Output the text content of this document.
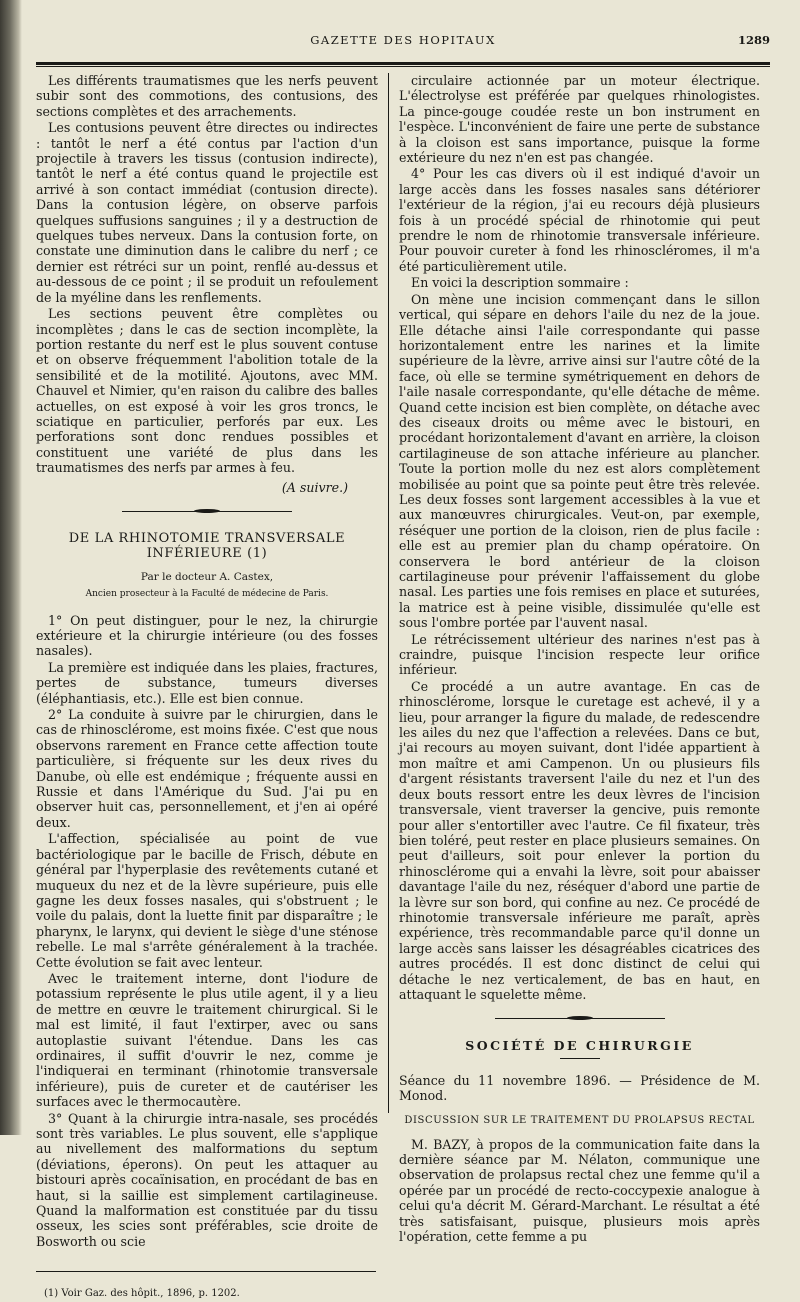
GAZETTE DES HOPITAUX	1289

Les différents traumatismes que les nerfs peuvent subir sont des commotions, des contusions, des sections complètes et des arrachements.

Les contusions peuvent être directes ou indirectes : tantôt le nerf a été contus par l'action d'un projectile à travers les tissus (contusion indirecte), tantôt le nerf a été contus quand le projectile est arrivé à son contact immédiat (contusion directe). Dans la contusion légère, on observe parfois quelques suffusions sanguines ; il y a destruction de quelques tubes nerveux. Dans la contusion forte, on constate une diminution dans le calibre du nerf ; ce dernier est rétréci sur un point, renflé au-dessus et au-dessous de ce point ; il se produit un refoulement de la myéline dans les renflements.

Les sections peuvent être complètes ou incomplètes ; dans le cas de section incomplète, la portion restante du nerf est le plus souvent contuse et on observe fréquemment l'abolition totale de la sensibilité et de la motilité. Ajoutons, avec MM. Chauvel et Nimier, qu'en raison du calibre des balles actuelles, on est exposé à voir les gros troncs, le sciatique en particulier, perforés par eux. Les perforations sont donc rendues possibles et constituent une variété de plus dans les traumatismes des nerfs par armes à feu.

(A suivre.)
DE LA RHINOTOMIE TRANSVERSALE INFÉRIEURE (1)
Par le docteur A. Castex,
Ancien prosecteur à la Faculté de médecine de Paris.

1° On peut distinguer, pour le nez, la chirurgie extérieure et la chirurgie intérieure (ou des fosses nasales).

La première est indiquée dans les plaies, fractures, pertes de substance, tumeurs diverses (éléphantiasis, etc.). Elle est bien connue.

2° La conduite à suivre par le chirurgien, dans le cas de rhinosclérome, est moins fixée. C'est que nous observons rarement en France cette affection toute particulière, si fréquente sur les deux rives du Danube, où elle est endémique ; fréquente aussi en Russie et dans l'Amérique du Sud. J'ai pu en observer huit cas, personnellement, et j'en ai opéré deux.

L'affection, spécialisée au point de vue bactériologique par le bacille de Frisch, débute en général par l'hyperplasie des revêtements cutané et muqueux du nez et de la lèvre supérieure, puis elle gagne les deux fosses nasales, qui s'obstruent ; le voile du palais, dont la luette finit par disparaître ; le pharynx, le larynx, qui devient le siège d'une sténose rebelle. Le mal s'arrête généralement à la trachée. Cette évolution se fait avec lenteur.

Avec le traitement interne, dont l'iodure de potassium représente le plus utile agent, il y a lieu de mettre en œuvre le traitement chirurgical. Si le mal est limité, il faut l'extirper, avec ou sans autoplastie suivant l'étendue. Dans les cas ordinaires, il suffit d'ouvrir le nez, comme je l'indiquerai en terminant (rhinotomie transversale inférieure), puis de cureter et de cautériser les surfaces avec le thermocautère.

3° Quant à la chirurgie intra-nasale, ses procédés sont très variables. Le plus souvent, elle s'applique au nivellement des malformations du septum (déviations, éperons). On peut les attaquer au bistouri après cocaïnisation, en procédant de bas en haut, si la saillie est simplement cartilagineuse. Quand la malformation est constituée par du tissu osseux, les scies sont préférables, scie droite de Bosworth ou scie

(1) Voir Gaz. des hôpit., 1896, p. 1202.

circulaire actionnée par un moteur électrique. L'électrolyse est préférée par quelques rhinologistes. La pince-gouge coudée reste un bon instrument en l'espèce. L'inconvénient de faire une perte de substance à la cloison est sans importance, puisque la forme extérieure du nez n'en est pas changée.

4° Pour les cas divers où il est indiqué d'avoir un large accès dans les fosses nasales sans détériorer l'extérieur de la région, j'ai eu recours déjà plusieurs fois à un procédé spécial de rhinotomie qui peut prendre le nom de rhinotomie transversale inférieure. Pour pouvoir cureter à fond les rhinoscléromes, il m'a été particulièrement utile.

En voici la description sommaire :

On mène une incision commençant dans le sillon vertical, qui sépare en dehors l'aile du nez de la joue. Elle détache ainsi l'aile correspondante qui passe horizontalement entre les narines et la limite supérieure de la lèvre, arrive ainsi sur l'autre côté de la face, où elle se termine symétriquement en dehors de l'aile nasale correspondante, qu'elle détache de même. Quand cette incision est bien complète, on détache avec des ciseaux droits ou même avec le bistouri, en procédant horizontalement d'avant en arrière, la cloison cartilagineuse de son attache inférieure au plancher. Toute la portion molle du nez est alors complètement mobilisée au point que sa pointe peut être très relevée. Les deux fosses sont largement accessibles à la vue et aux manœuvres chirurgicales. Veut-on, par exemple, réséquer une portion de la cloison, rien de plus facile : elle est au premier plan du champ opératoire. On conservera le bord antérieur de la cloison cartilagineuse pour prévenir l'affaissement du globe nasal. Les parties une fois remises en place et suturées, la matrice est à peine visible, dissimulée qu'elle est sous l'ombre portée par l'auvent nasal.

Le rétrécissement ultérieur des narines n'est pas à craindre, puisque l'incision respecte leur orifice inférieur.

Ce procédé a un autre avantage. En cas de rhinosclérome, lorsque le curetage est achevé, il y a lieu, pour arranger la figure du malade, de redescendre les ailes du nez que l'affection a relevées. Dans ce but, j'ai recours au moyen suivant, dont l'idée appartient à mon maître et ami Campenon. Un ou plusieurs fils d'argent résistants traversent l'aile du nez et l'un des deux bouts ressort entre les deux lèvres de l'incision transversale, vient traverser la gencive, puis remonte pour aller s'entortiller avec l'autre. Ce fil fixateur, très bien toléré, peut rester en place plusieurs semaines. On peut d'ailleurs, soit pour enlever la portion du rhinosclérome qui a envahi la lèvre, soit pour abaisser davantage l'aile du nez, réséquer d'abord une partie de la lèvre sur son bord, qui confine au nez. Ce procédé de rhinotomie transversale inférieure me paraît, après expérience, très recommandable parce qu'il donne un large accès sans laisser les désagréables cicatrices des autres procédés. Il est donc distinct de celui qui détache le nez verticalement, de bas en haut, en attaquant le squelette même.

SOCIÉTÉ DE CHIRURGIE

Séance du 11 novembre 1896. — Présidence de M. Monod.

DISCUSSION SUR LE TRAITEMENT DU PROLAPSUS RECTAL

M. BAZY, à propos de la communication faite dans la dernière séance par M. Nélaton, communique une observation de prolapsus rectal chez une femme qu'il a opérée par un procédé de recto-coccypexie analogue à celui qu'a décrit M. Gérard-Marchant. Le résultat a été très satisfaisant, puisque, plusieurs mois après l'opération, cette femme a pu
